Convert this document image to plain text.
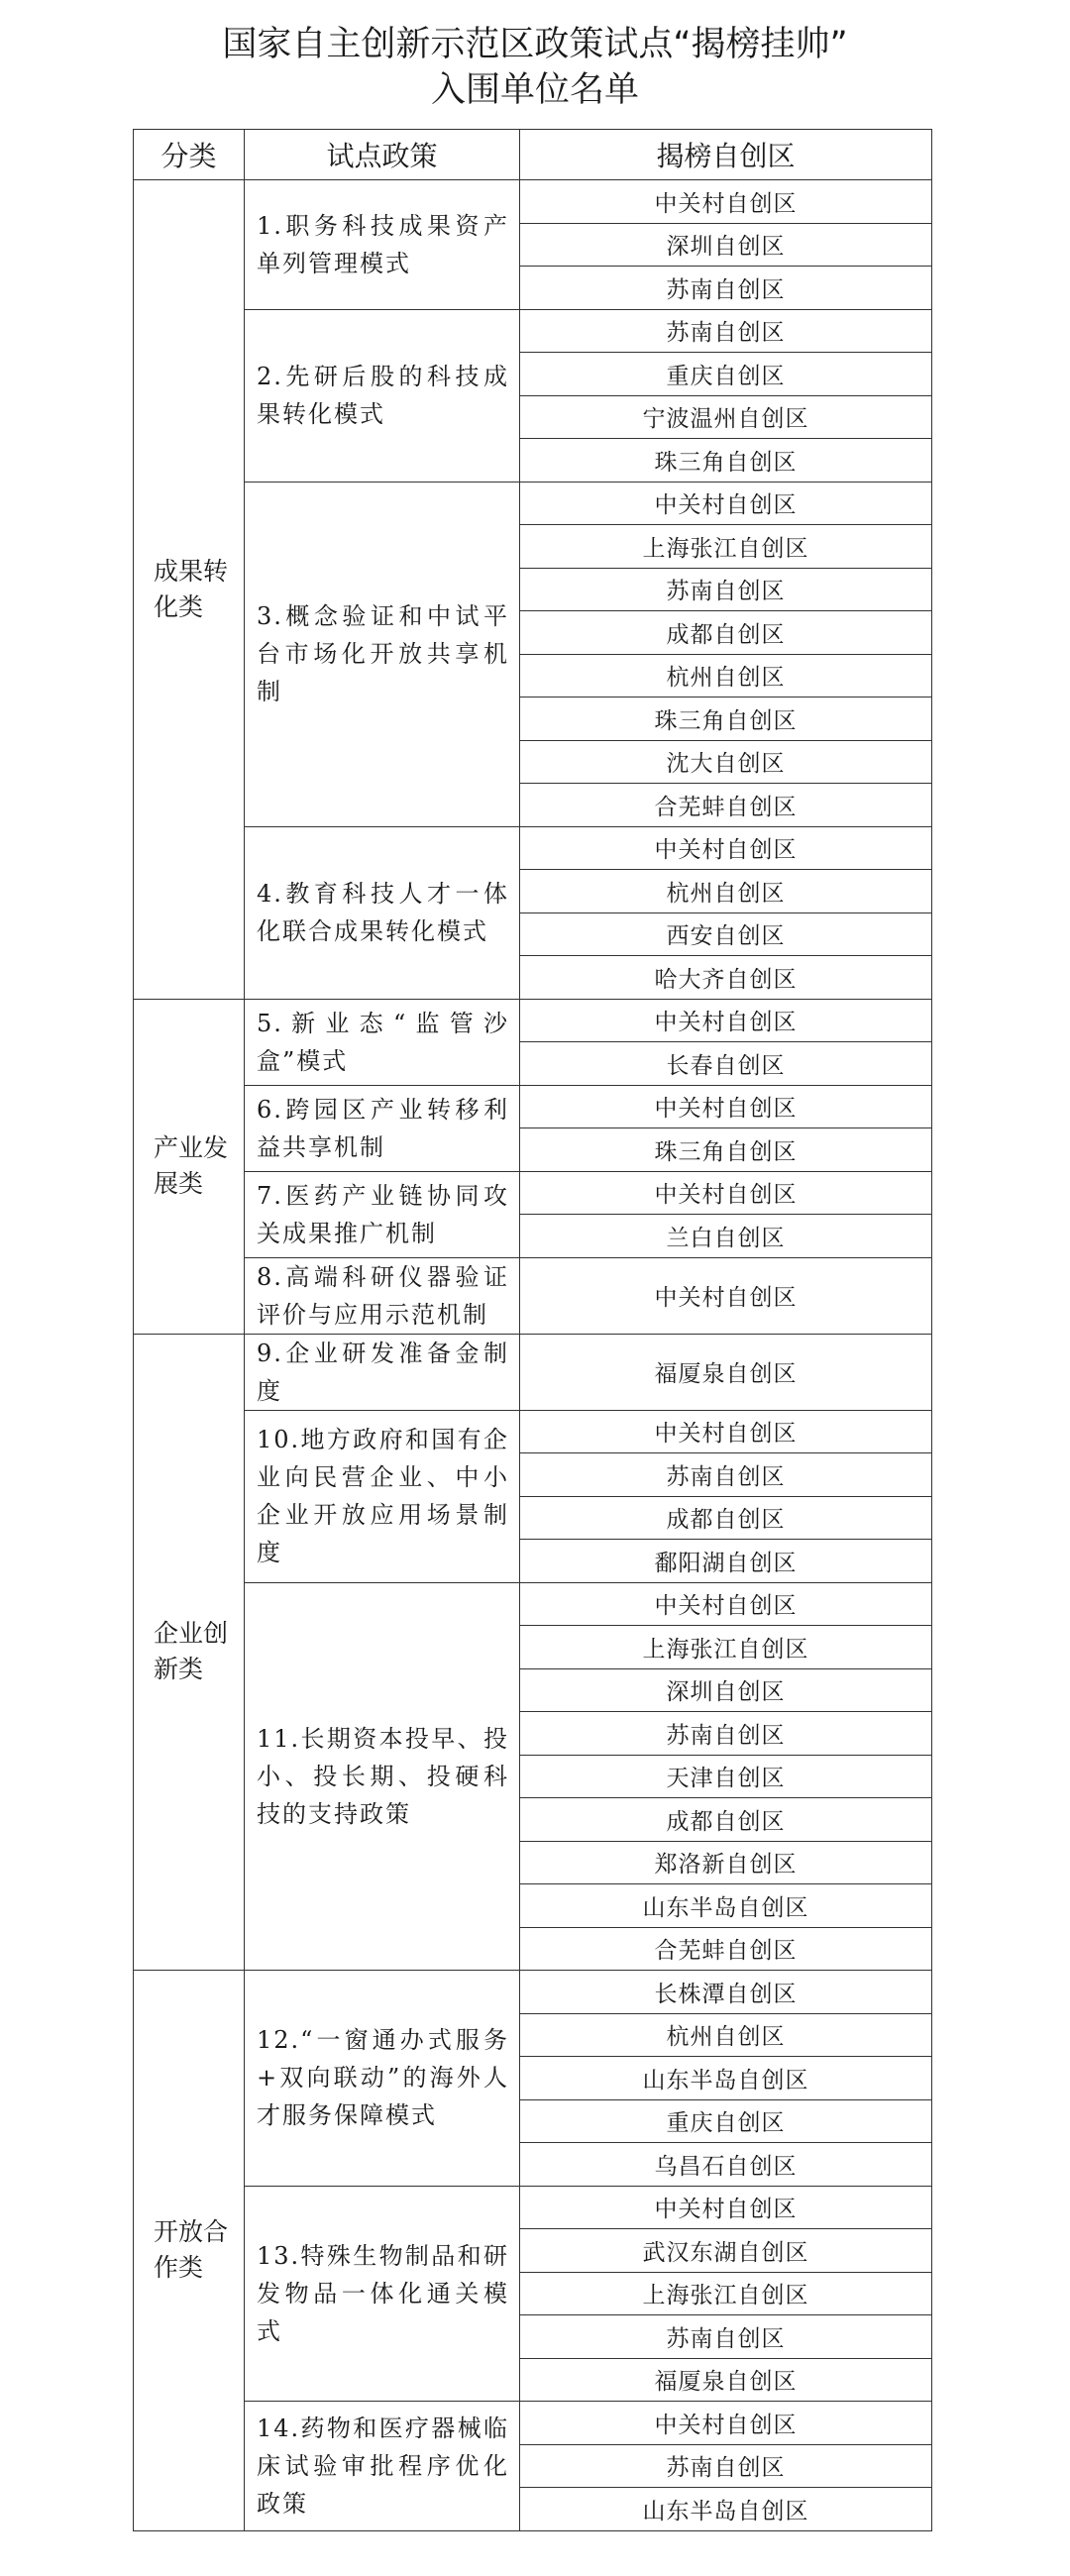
国家自主创新示范区政策试点“揭榜挂帅”
入围单位名单
分类	试点政策	揭榜自创区

成果转化类	1.职务科技成果资产单列管理模式	中关村自创区
		深圳自创区
		苏南自创区
	2.先研后股的科技成果转化模式	苏南自创区
		重庆自创区
		宁波温州自创区
		珠三角自创区
	3.概念验证和中试平台市场化开放共享机制	中关村自创区
		上海张江自创区
		苏南自创区
		成都自创区
		杭州自创区
		珠三角自创区
		沈大自创区
		合芜蚌自创区
	4.教育科技人才一体化联合成果转化模式	中关村自创区
		杭州自创区
		西安自创区
		哈大齐自创区

产业发展类	5.新业态“监管沙盒”模式	中关村自创区
		长春自创区
	6.跨园区产业转移利益共享机制	中关村自创区
		珠三角自创区
	7.医药产业链协同攻关成果推广机制	中关村自创区
		兰白自创区
	8.高端科研仪器验证评价与应用示范机制	中关村自创区

企业创新类	9.企业研发准备金制度	福厦泉自创区
	10.地方政府和国有企业向民营企业、中小企业开放应用场景制度	中关村自创区
		苏南自创区
		成都自创区
		鄱阳湖自创区
	11.长期资本投早、投小、投长期、投硬科技的支持政策	中关村自创区
		上海张江自创区
		深圳自创区
		苏南自创区
		天津自创区
		成都自创区
		郑洛新自创区
		山东半岛自创区
		合芜蚌自创区

开放合作类	12.“一窗通办式服务+双向联动”的海外人才服务保障模式	长株潭自创区
		杭州自创区
		山东半岛自创区
		重庆自创区
		乌昌石自创区
	13.特殊生物制品和研发物品一体化通关模式	中关村自创区
		武汉东湖自创区
		上海张江自创区
		苏南自创区
		福厦泉自创区
	14.药物和医疗器械临床试验审批程序优化政策	中关村自创区
		苏南自创区
		山东半岛自创区
